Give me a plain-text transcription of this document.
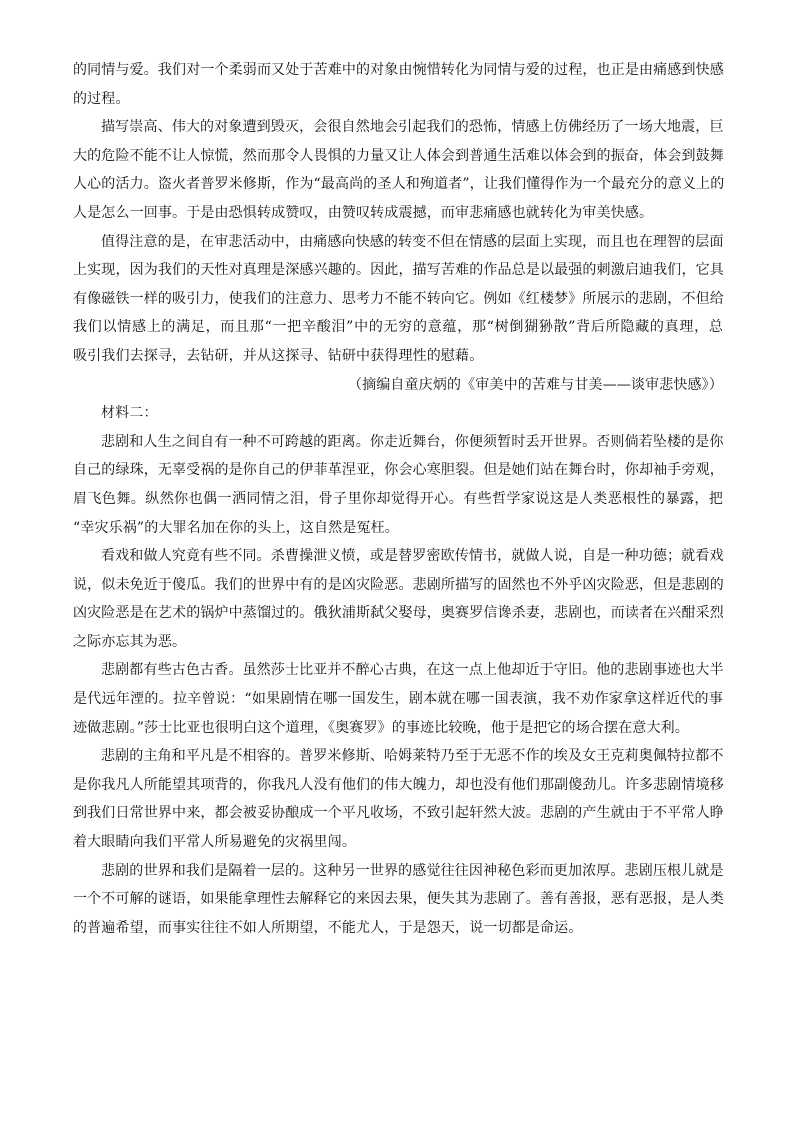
的同情与爱。我们对一个柔弱而又处于苦难中的对象由惋惜转化为同情与爱的过程，也正是由痛感到快感
的过程。
描写崇高、伟大的对象遭到毁灭，会很自然地会引起我们的恐怖，情感上仿佛经历了一场大地震，巨
大的危险不能不让人惊慌，然而那令人畏惧的力量又让人体会到普通生活难以体会到的振奋，体会到鼓舞
人心的活力。盗火者普罗米修斯，作为“最高尚的圣人和殉道者”，让我们懂得作为一个最充分的意义上的
人是怎么一回事。于是由恐惧转成赞叹，由赞叹转成震撼，而审悲痛感也就转化为审美快感。
值得注意的是，在审悲活动中，由痛感向快感的转变不但在情感的层面上实现，而且也在理智的层面
上实现，因为我们的天性对真理是深感兴趣的。因此，描写苦难的作品总是以最强的刺激启迪我们，它具
有像磁铁一样的吸引力，使我们的注意力、思考力不能不转向它。例如《红楼梦》所展示的悲剧，不但给
我们以情感上的满足，而且那“一把辛酸泪”中的无穷的意蕴，那“树倒猢狲散”背后所隐藏的真理，总
吸引我们去探寻，去钻研，并从这探寻、钻研中获得理性的慰藉。
（摘编自童庆炳的《审美中的苦难与甘美——谈审悲快感》）
材料二：
悲剧和人生之间自有一种不可跨越的距离。你走近舞台，你便须暂时丢开世界。否则倘若坠楼的是你
自己的绿珠，无辜受祸的是你自己的伊菲革涅亚，你会心寒胆裂。但是她们站在舞台时，你却袖手旁观，
眉飞色舞。纵然你也偶一洒同情之泪，骨子里你却觉得开心。有些哲学家说这是人类恶根性的暴露，把
“幸灾乐祸”的大罪名加在你的头上，这自然是冤枉。
看戏和做人究竟有些不同。杀曹操泄义愤，或是替罗密欧传情书，就做人说，自是一种功德；就看戏
说，似未免近于傻瓜。我们的世界中有的是凶灾险恶。悲剧所描写的固然也不外乎凶灾险恶，但是悲剧的
凶灾险恶是在艺术的锅炉中蒸馏过的。俄狄浦斯弑父娶母，奥赛罗信谗杀妻，悲剧也，而读者在兴酣采烈
之际亦忘其为恶。
悲剧都有些古色古香。虽然莎士比亚并不醉心古典，在这一点上他却近于守旧。他的悲剧事迹也大半
是代远年湮的。拉辛曾说：“如果剧情在哪一国发生，剧本就在哪一国表演，我不劝作家拿这样近代的事
迹做悲剧。”莎士比亚也很明白这个道理，《奥赛罗》的事迹比较晚，他于是把它的场合摆在意大利。
悲剧的主角和平凡是不相容的。普罗米修斯、哈姆莱特乃至于无恶不作的埃及女王克莉奥佩特拉都不
是你我凡人所能望其项背的，你我凡人没有他们的伟大魄力，却也没有他们那副傻劲儿。许多悲剧情境移
到我们日常世界中来，都会被妥协酿成一个平凡收场，不致引起轩然大波。悲剧的产生就由于不平常人睁
着大眼睛向我们平常人所易避免的灾祸里闯。
悲剧的世界和我们是隔着一层的。这种另一世界的感觉往往因神秘色彩而更加浓厚。悲剧压根儿就是
一个不可解的谜语，如果能拿理性去解释它的来因去果，便失其为悲剧了。善有善报，恶有恶报，是人类
的普遍希望，而事实往往不如人所期望，不能尤人，于是怨天，说一切都是命运。
